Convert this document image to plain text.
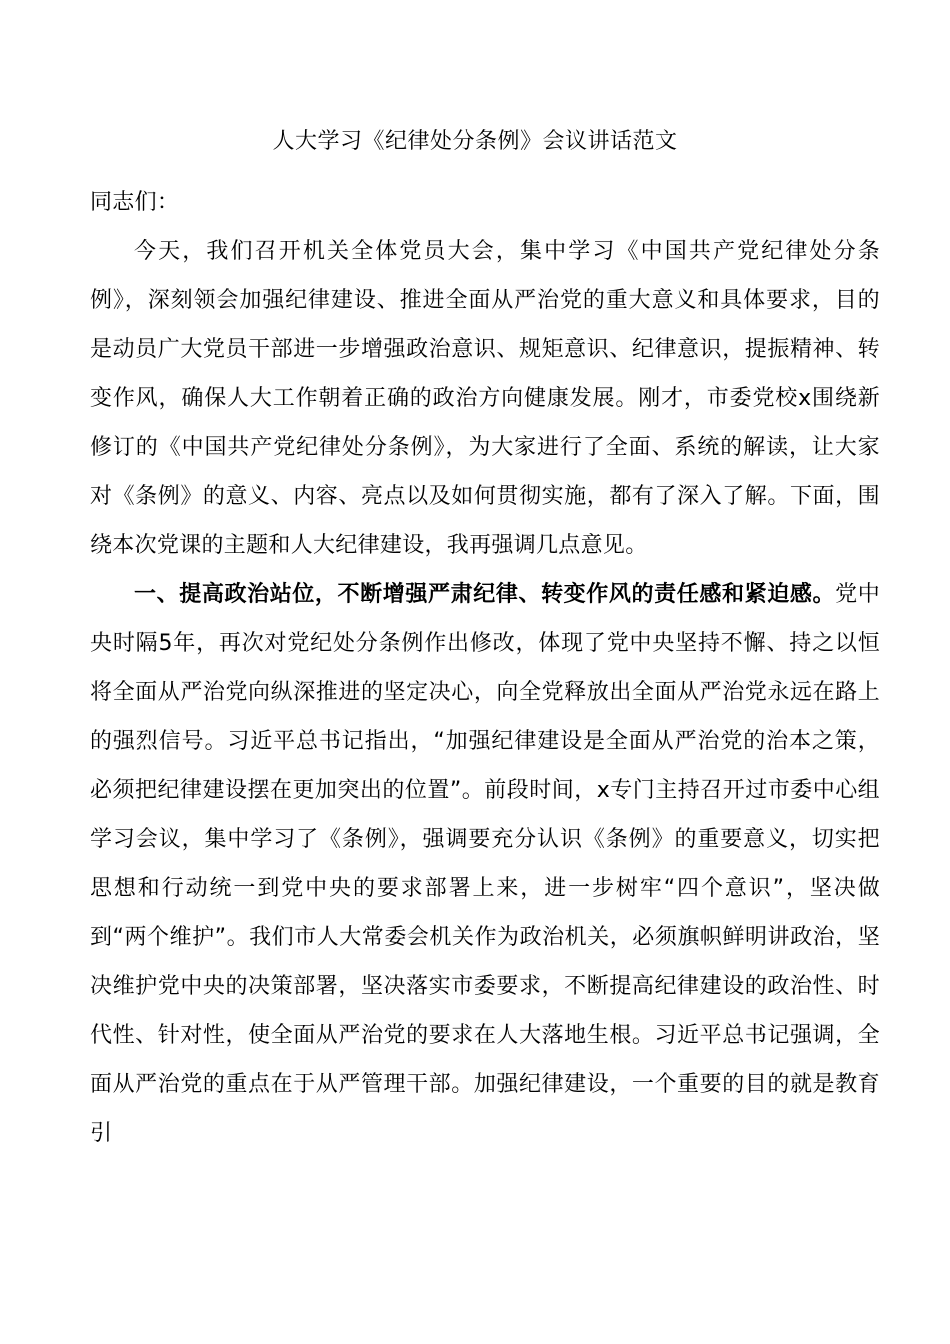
人大学习《纪律处分条例》会议讲话范文

同志们：

今天，我们召开机关全体党员大会，集中学习《中国共产党纪律处分条例》，深刻领会加强纪律建设、推进全面从严治党的重大意义和具体要求，目的是动员广大党员干部进一步增强政治意识、规矩意识、纪律意识，提振精神、转变作风，确保人大工作朝着正确的政治方向健康发展。刚才，市委党校x围绕新修订的《中国共产党纪律处分条例》，为大家进行了全面、系统的解读，让大家对《条例》的意义、内容、亮点以及如何贯彻实施，都有了深入了解。下面，围绕本次党课的主题和人大纪律建设，我再强调几点意见。

一、提高政治站位，不断增强严肃纪律、转变作风的责任感和紧迫感。党中央时隔5年，再次对党纪处分条例作出修改，体现了党中央坚持不懈、持之以恒将全面从严治党向纵深推进的坚定决心，向全党释放出全面从严治党永远在路上的强烈信号。习近平总书记指出，“加强纪律建设是全面从严治党的治本之策，必须把纪律建设摆在更加突出的位置”。前段时间，x专门主持召开过市委中心组学习会议，集中学习了《条例》，强调要充分认识《条例》的重要意义，切实把思想和行动统一到党中央的要求部署上来，进一步树牢“四个意识”，坚决做到“两个维护”。我们市人大常委会机关作为政治机关，必须旗帜鲜明讲政治，坚决维护党中央的决策部署，坚决落实市委要求，不断提高纪律建设的政治性、时代性、针对性，使全面从严治党的要求在人大落地生根。习近平总书记强调，全面从严治党的重点在于从严管理干部。加强纪律建设，一个重要的目的就是教育引
